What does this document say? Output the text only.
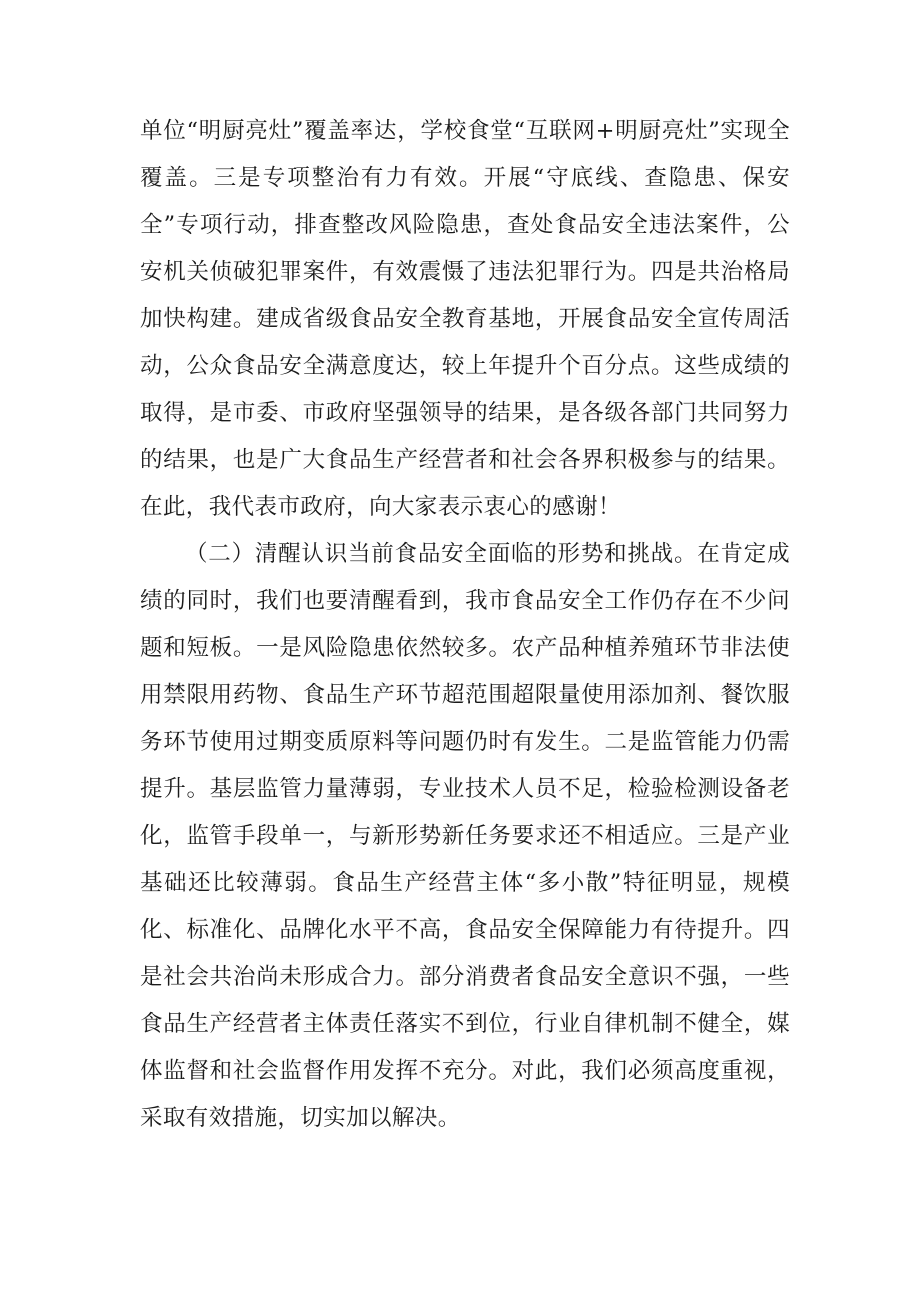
单位“明厨亮灶”覆盖率达，学校食堂“互联网+明厨亮灶”实现全覆盖。三是专项整治有力有效。开展“守底线、查隐患、保安全”专项行动，排查整改风险隐患，查处食品安全违法案件，公安机关侦破犯罪案件，有效震慑了违法犯罪行为。四是共治格局加快构建。建成省级食品安全教育基地，开展食品安全宣传周活动，公众食品安全满意度达，较上年提升个百分点。这些成绩的取得，是市委、市政府坚强领导的结果，是各级各部门共同努力的结果，也是广大食品生产经营者和社会各界积极参与的结果。在此，我代表市政府，向大家表示衷心的感谢！

（二）清醒认识当前食品安全面临的形势和挑战。在肯定成绩的同时，我们也要清醒看到，我市食品安全工作仍存在不少问题和短板。一是风险隐患依然较多。农产品种植养殖环节非法使用禁限用药物、食品生产环节超范围超限量使用添加剂、餐饮服务环节使用过期变质原料等问题仍时有发生。二是监管能力仍需提升。基层监管力量薄弱，专业技术人员不足，检验检测设备老化，监管手段单一，与新形势新任务要求还不相适应。三是产业基础还比较薄弱。食品生产经营主体“多小散”特征明显，规模化、标准化、品牌化水平不高，食品安全保障能力有待提升。四是社会共治尚未形成合力。部分消费者食品安全意识不强，一些食品生产经营者主体责任落实不到位，行业自律机制不健全，媒体监督和社会监督作用发挥不充分。对此，我们必须高度重视，采取有效措施，切实加以解决。
